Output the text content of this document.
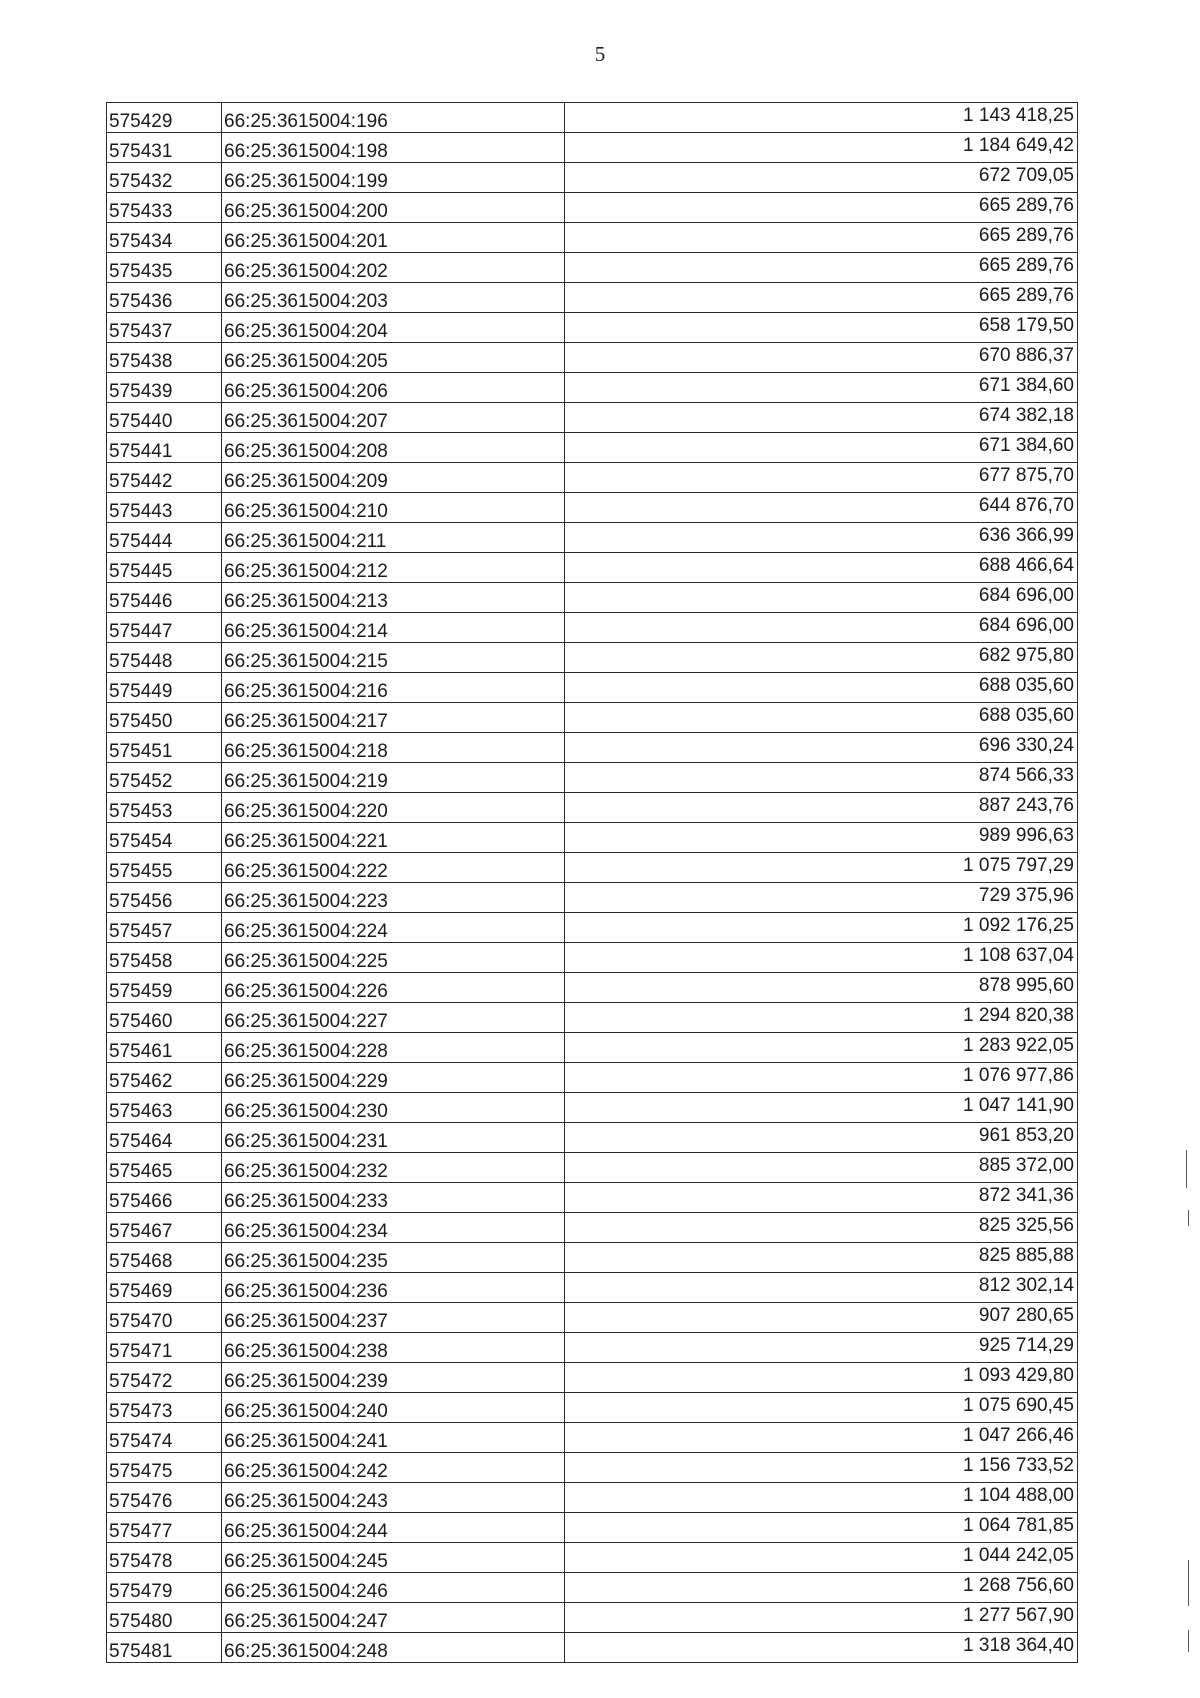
5
575429	66:25:3615004:196	1 143 418,25

575431	66:25:3615004:198	1 184 649,42

575432	66:25:3615004:199	672 709,05

575433	66:25:3615004:200	665 289,76

575434	66:25:3615004:201	665 289,76

575435	66:25:3615004:202	665 289,76

575436	66:25:3615004:203	665 289,76

575437	66:25:3615004:204	658 179,50

575438	66:25:3615004:205	670 886,37

575439	66:25:3615004:206	671 384,60

575440	66:25:3615004:207	674 382,18

575441	66:25:3615004:208	671 384,60

575442	66:25:3615004:209	677 875,70

575443	66:25:3615004:210	644 876,70

575444	66:25:3615004:211	636 366,99

575445	66:25:3615004:212	688 466,64

575446	66:25:3615004:213	684 696,00

575447	66:25:3615004:214	684 696,00

575448	66:25:3615004:215	682 975,80

575449	66:25:3615004:216	688 035,60

575450	66:25:3615004:217	688 035,60

575451	66:25:3615004:218	696 330,24

575452	66:25:3615004:219	874 566,33

575453	66:25:3615004:220	887 243,76

575454	66:25:3615004:221	989 996,63

575455	66:25:3615004:222	1 075 797,29

575456	66:25:3615004:223	729 375,96

575457	66:25:3615004:224	1 092 176,25

575458	66:25:3615004:225	1 108 637,04

575459	66:25:3615004:226	878 995,60

575460	66:25:3615004:227	1 294 820,38

575461	66:25:3615004:228	1 283 922,05

575462	66:25:3615004:229	1 076 977,86

575463	66:25:3615004:230	1 047 141,90

575464	66:25:3615004:231	961 853,20

575465	66:25:3615004:232	885 372,00

575466	66:25:3615004:233	872 341,36

575467	66:25:3615004:234	825 325,56

575468	66:25:3615004:235	825 885,88

575469	66:25:3615004:236	812 302,14

575470	66:25:3615004:237	907 280,65

575471	66:25:3615004:238	925 714,29

575472	66:25:3615004:239	1 093 429,80

575473	66:25:3615004:240	1 075 690,45

575474	66:25:3615004:241	1 047 266,46

575475	66:25:3615004:242	1 156 733,52

575476	66:25:3615004:243	1 104 488,00

575477	66:25:3615004:244	1 064 781,85

575478	66:25:3615004:245	1 044 242,05

575479	66:25:3615004:246	1 268 756,60

575480	66:25:3615004:247	1 277 567,90

575481	66:25:3615004:248	1 318 364,40
